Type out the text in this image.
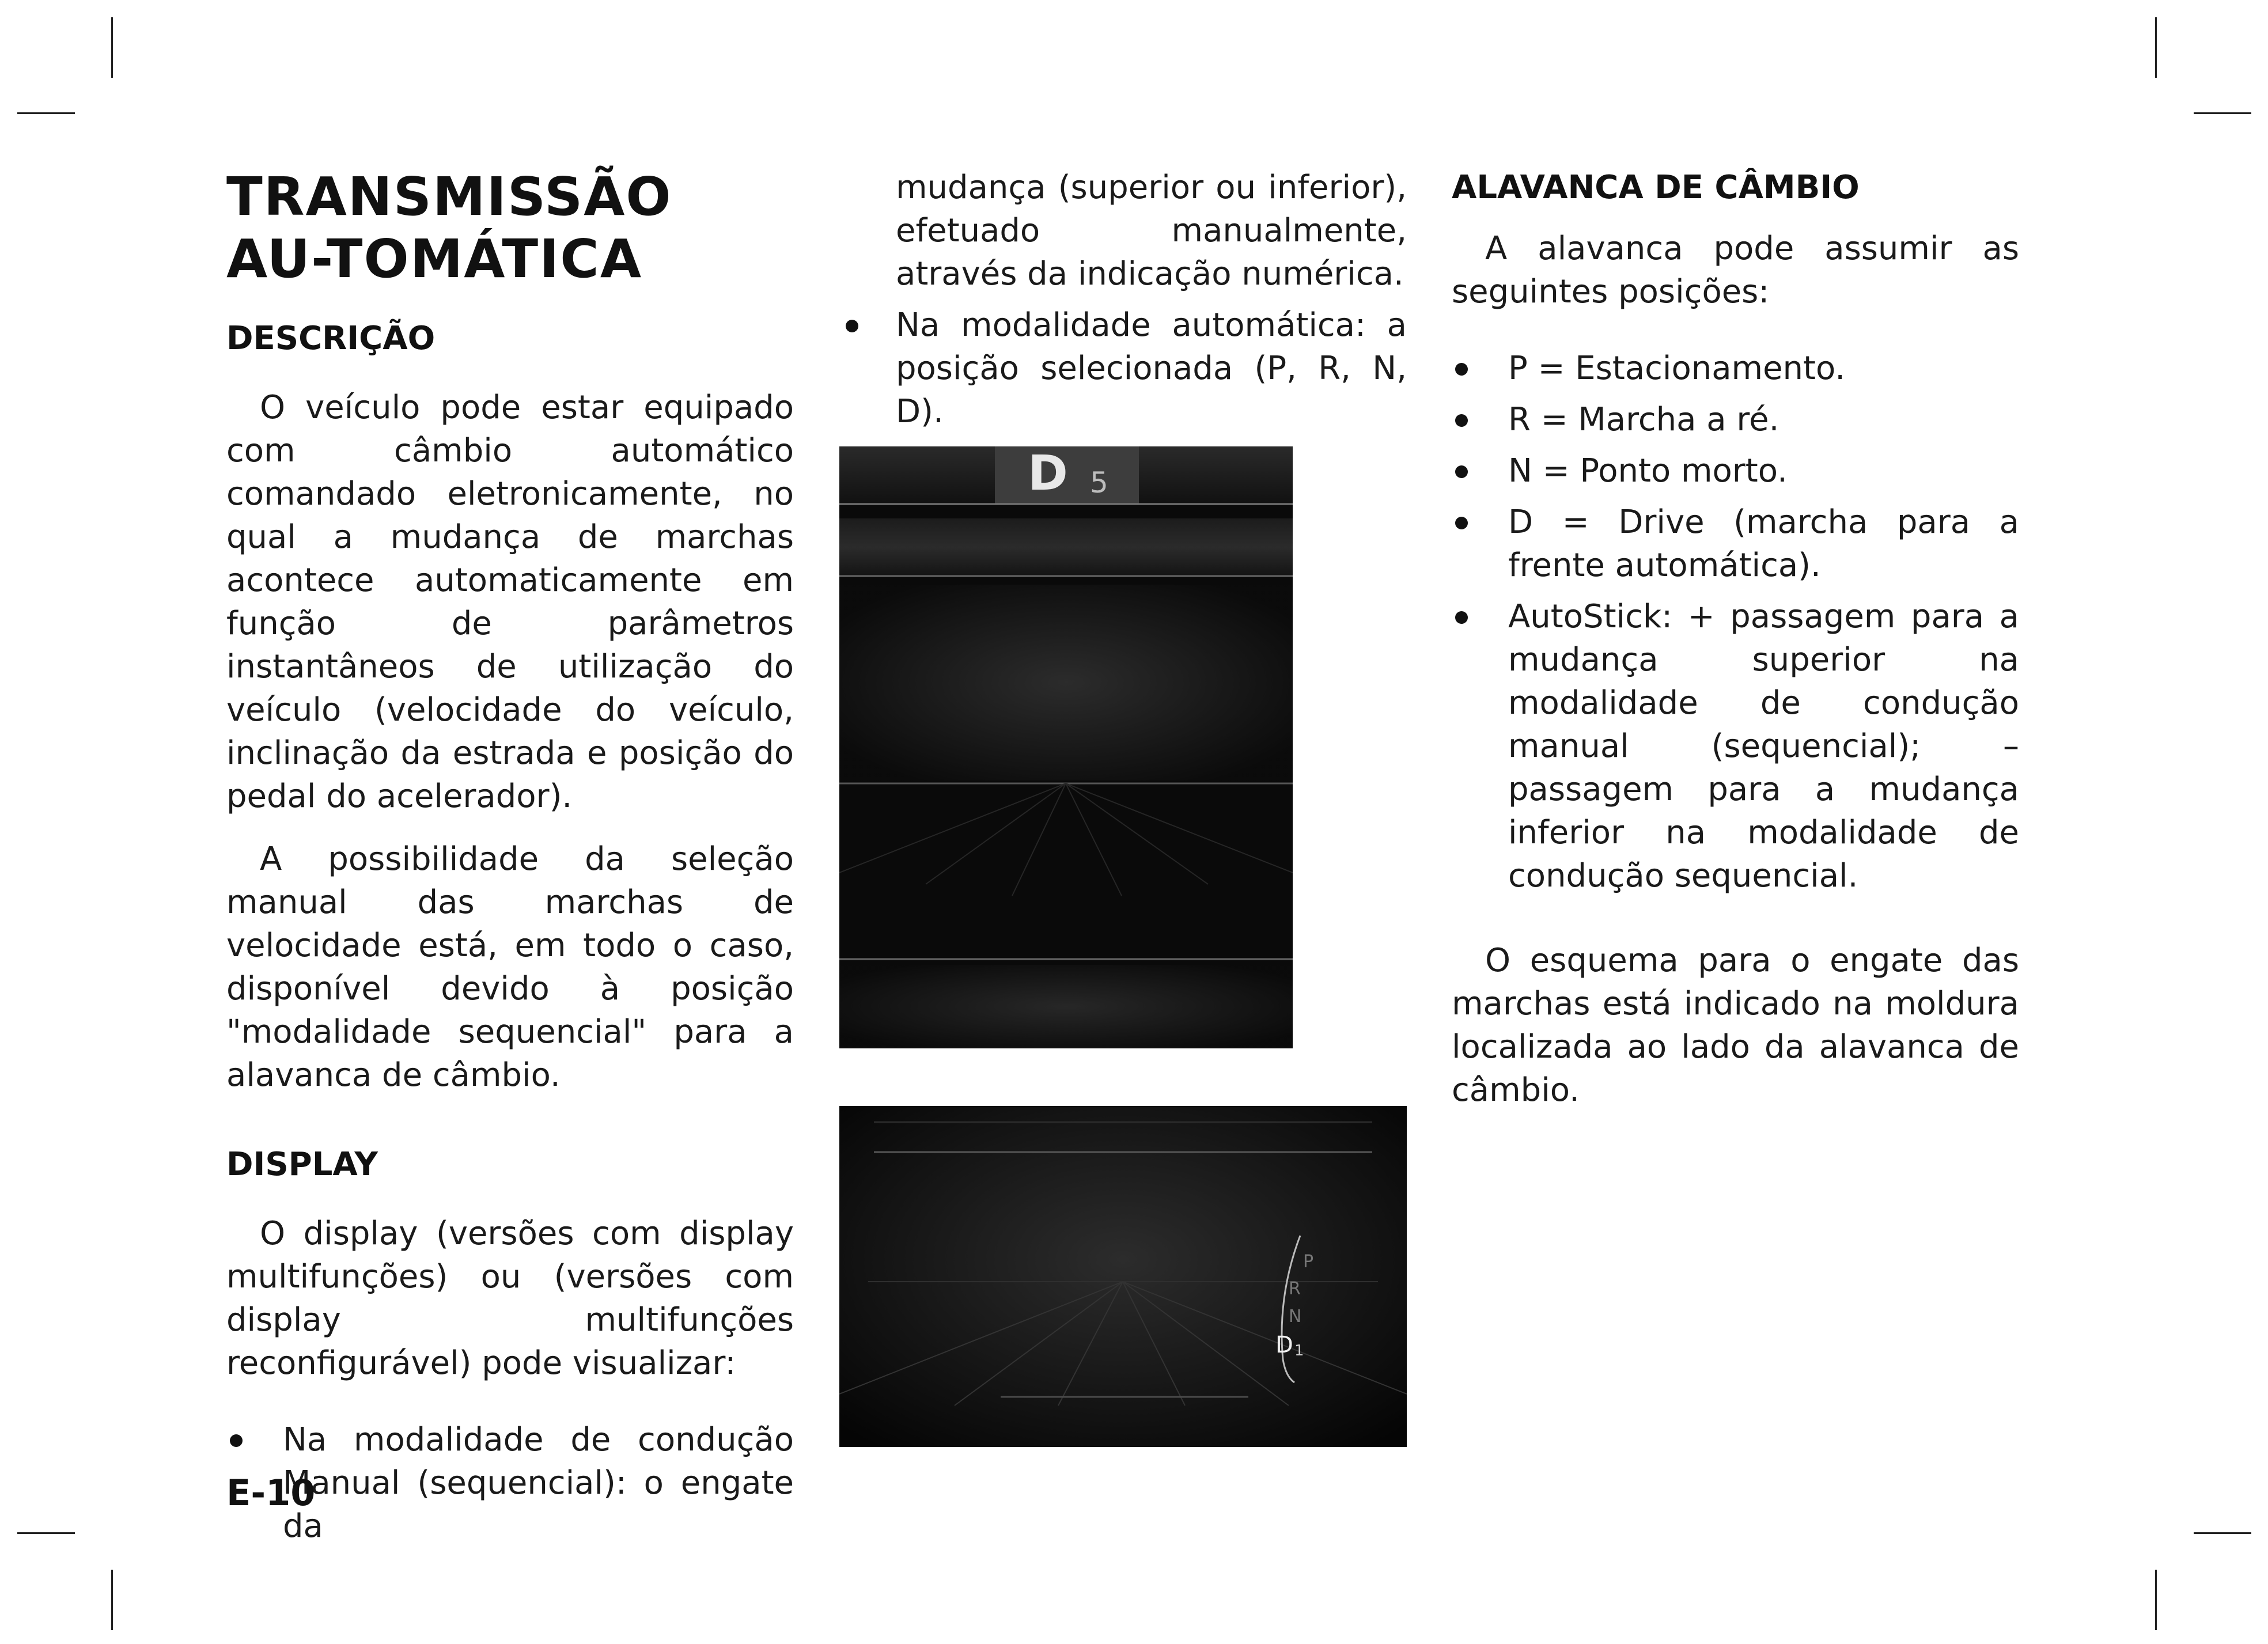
TRANSMISSÃO AU-TOMÁTICA
DESCRIÇÃO

O veículo pode estar equipado com câmbio automático comandado eletronicamente, no qual a mudança de marchas acontece automaticamente em função de parâmetros instantâneos de utilização do veículo (velocidade do veículo, inclinação da estrada e posição do pedal do acelerador).

A possibilidade da seleção manual das marchas de velocidade está, em todo o caso, disponível devido à posição "modalidade sequencial" para a alavanca de câmbio.

DISPLAY

O display (versões com display multifunções) ou (versões com display multifunções reconfigurável) pode visualizar:

Na modalidade de condução Manual (sequencial): o engate da

mudança (superior ou inferior), efetuado manualmente, através da indicação numérica.

Na modalidade automática: a posição selecionada (P, R, N, D).
D 5
P
R
N
D 1
ALAVANCA DE CÂMBIO

A alavanca pode assumir as seguintes posições:

P = Estacionamento.
R = Marcha a ré.
N = Ponto morto.
D = Drive (marcha para a frente automática).
AutoStick: + passagem para a mudança superior na modalidade de condução manual (sequencial); – passagem para a mudança inferior na modalidade de condução sequencial.

O esquema para o engate das marchas está indicado na moldura localizada ao lado da alavanca de câmbio.

E-10
